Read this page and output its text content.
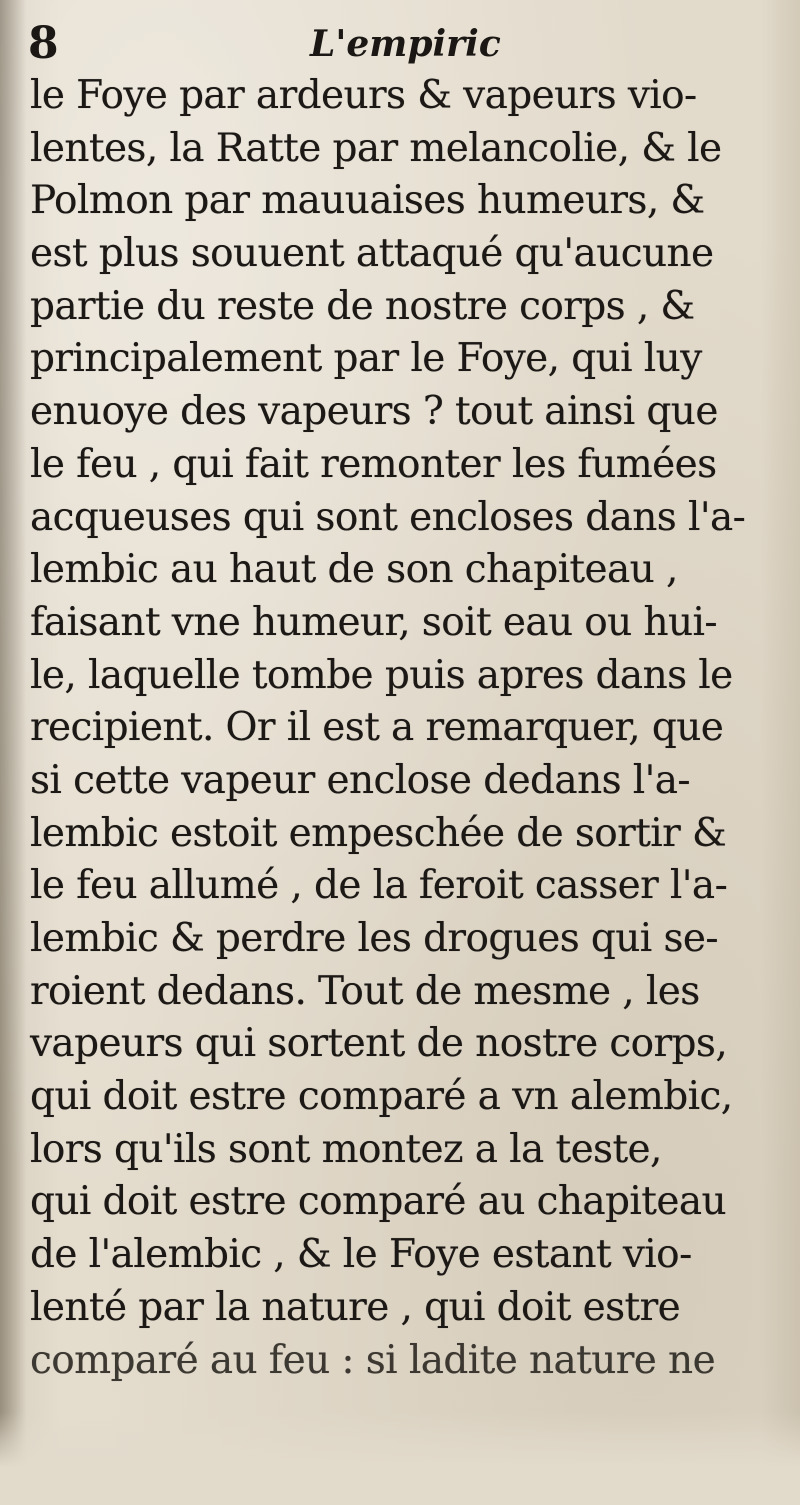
8	L'empiric
le Foye par ardeurs & vapeurs vio-
lentes, la Ratte par melancolie, & le
Polmon par mauuaises humeurs, &
est plus souuent attaqué qu'aucune
partie du reste de nostre corps , &
principalement par le Foye, qui luy
enuoye des vapeurs ? tout ainsi que
le feu , qui fait remonter les fumées
acqueuses qui sont encloses dans l'a-
lembic au haut de son chapiteau ,
faisant vne humeur, soit eau ou hui-
le, laquelle tombe puis apres dans le
recipient. Or il est a remarquer, que
si cette vapeur enclose dedans l'a-
lembic estoit empeschée de sortir &
le feu allumé , de la feroit casser l'a-
lembic & perdre les drogues qui se-
roient dedans. Tout de mesme , les
vapeurs qui sortent de nostre corps,
qui doit estre comparé a vn alembic,
lors qu'ils sont montez a la teste,
qui doit estre comparé au chapiteau
de l'alembic , & le Foye estant vio-
lenté par la nature , qui doit estre
comparé au feu : si ladite nature ne
